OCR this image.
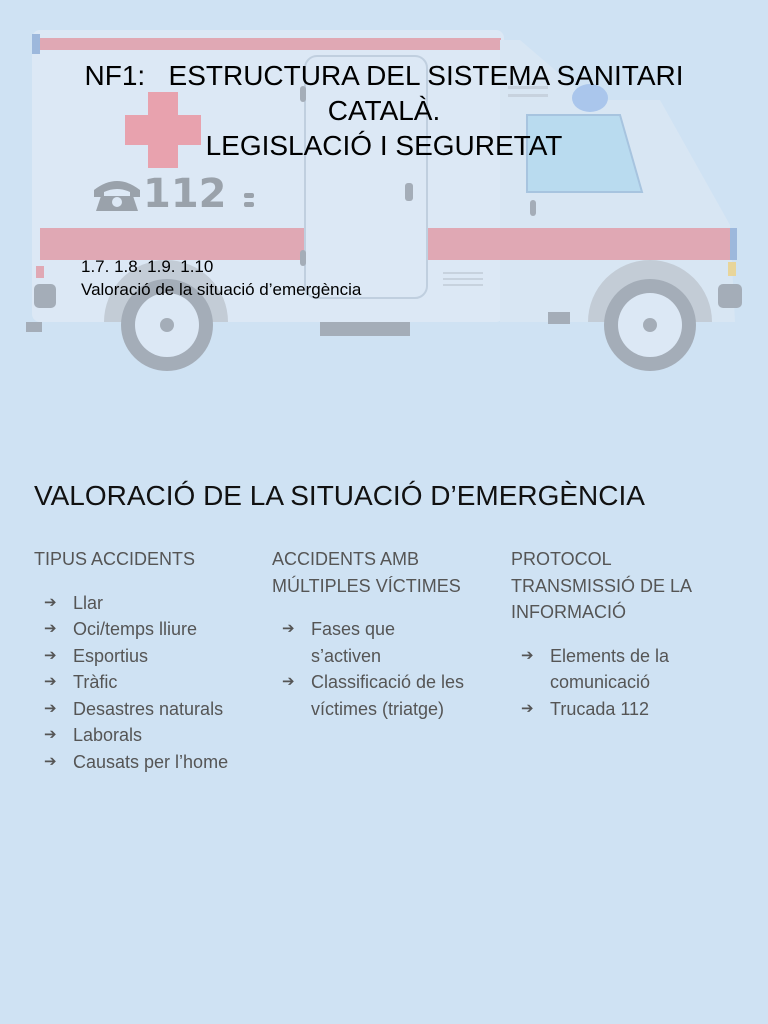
112
NF1:   ESTRUCTURA DEL SISTEMA SANITARI
CATALÀ.
LEGISLACIÓ I SEGURETAT
1.7. 1.8. 1.9. 1.10
Valoració de la situació d’emergència
VALORACIÓ DE LA SITUACIÓ D’EMERGÈNCIA
TIPUS ACCIDENTS
➔ Llar
➔ Oci/temps lliure
➔ Esportius
➔ Tràfic
➔ Desastres naturals
➔ Laborals
➔ Causats per l’home
ACCIDENTS AMB
MÚLTIPLES VÍCTIMES
➔ Fases que
s’activen
➔ Classificació de les
víctimes (triatge)
PROTOCOL
TRANSMISSIÓ DE LA
INFORMACIÓ
➔ Elements de la
comunicació
➔ Trucada 112
